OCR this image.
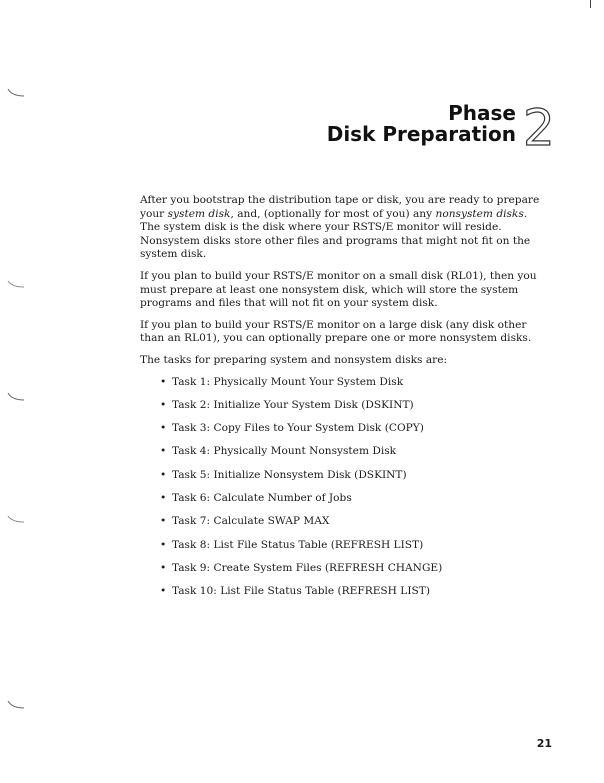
Phase
Disk Preparation 2

After you bootstrap the distribution tape or disk, you are ready to prepare your system disk, and, (optionally for most of you) any nonsystem disks. The system disk is the disk where your RSTS/E monitor will reside. Nonsystem disks store other files and programs that might not fit on the system disk.

If you plan to build your RSTS/E monitor on a small disk (RL01), then you must prepare at least one nonsystem disk, which will store the system programs and files that will not fit on your system disk.

If you plan to build your RSTS/E monitor on a large disk (any disk other than an RL01), you can optionally prepare one or more nonsystem disks.

The tasks for preparing system and nonsystem disks are:

• Task 1: Physically Mount Your System Disk
• Task 2: Initialize Your System Disk (DSKINT)
• Task 3: Copy Files to Your System Disk (COPY)
• Task 4: Physically Mount Nonsystem Disk
• Task 5: Initialize Nonsystem Disk (DSKINT)
• Task 6: Calculate Number of Jobs
• Task 7: Calculate SWAP MAX
• Task 8: List File Status Table (REFRESH LIST)
• Task 9: Create System Files (REFRESH CHANGE)
• Task 10: List File Status Table (REFRESH LIST)
21
